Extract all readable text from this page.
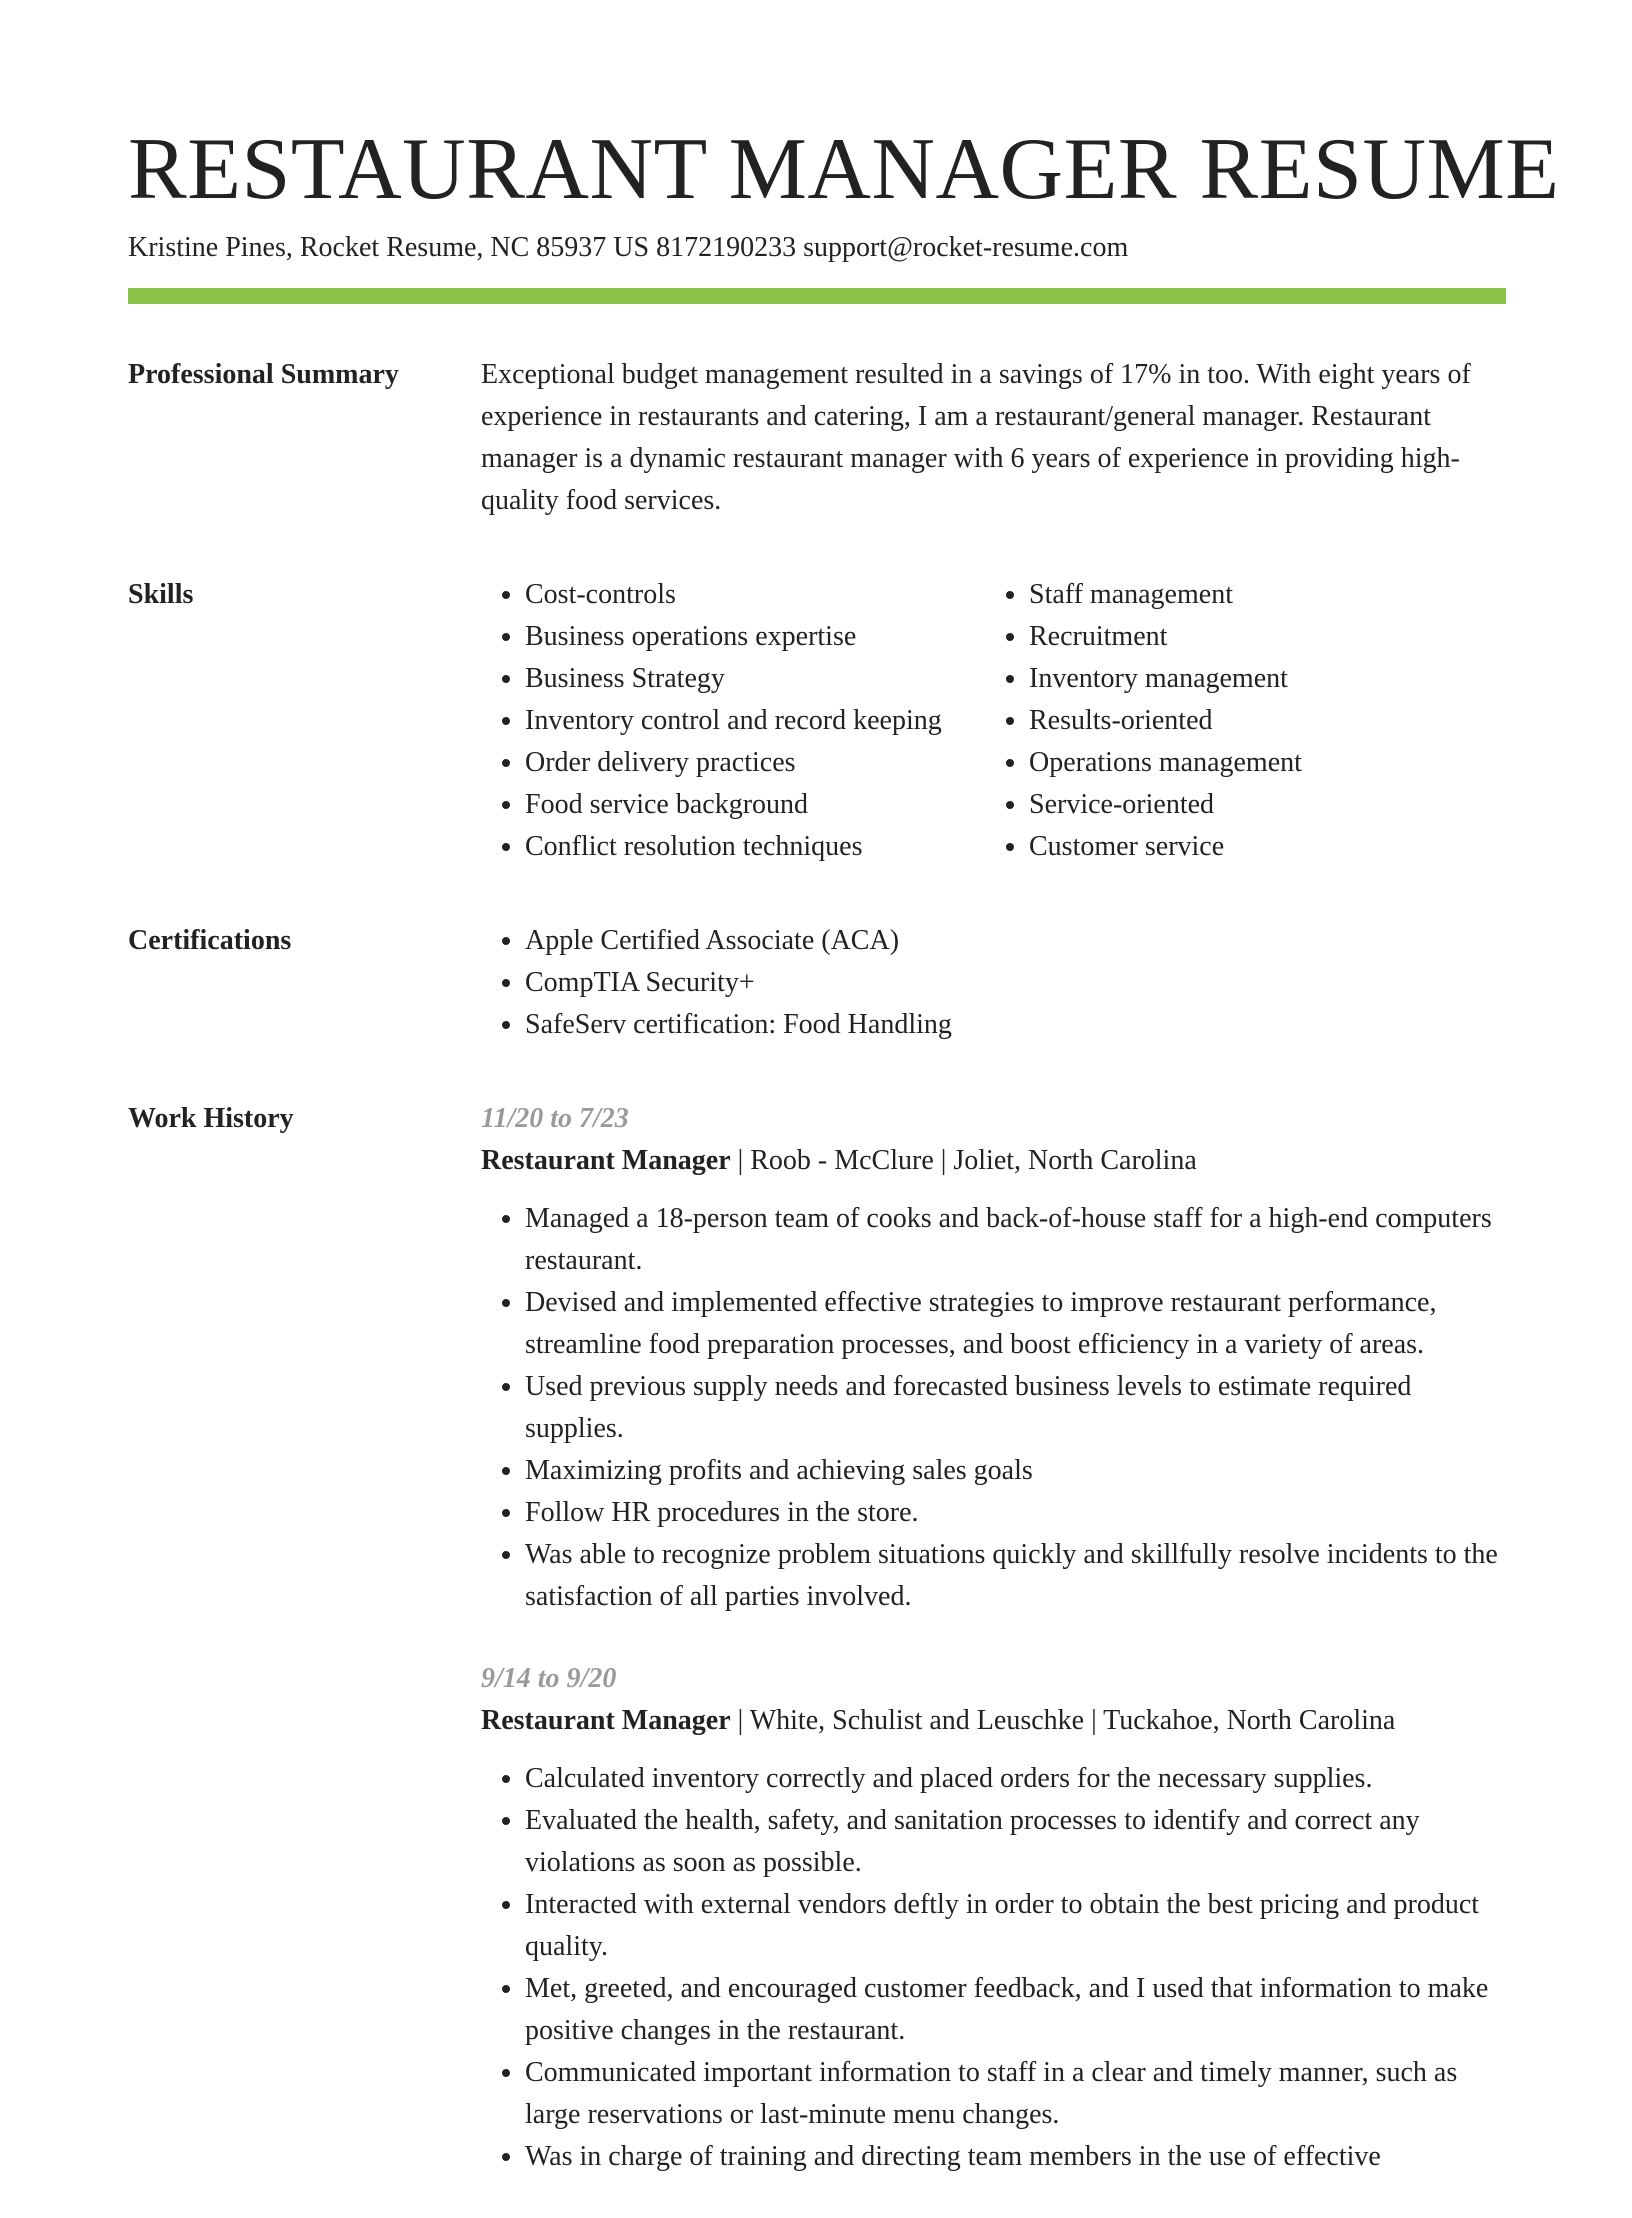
RESTAURANT MANAGER RESUME
Kristine Pines, Rocket Resume, NC 85937 US 8172190233 support@rocket-resume.com
Professional Summary	Exceptional budget management resulted in a savings of 17% in too. With eight years of experience in restaurants and catering, I am a restaurant/general manager. Restaurant manager is a dynamic restaurant manager with 6 years of experience in providing high-quality food services.

Skills	• Cost-controls
• Business operations expertise
• Business Strategy
• Inventory control and record keeping
• Order delivery practices
• Food service background
• Conflict resolution techniques
• Staff management
• Recruitment
• Inventory management
• Results-oriented
• Operations management
• Service-oriented
• Customer service
Certifications	• Apple Certified Associate (ACA)
• CompTIA Security+
• SafeServ certification: Food Handling
Work History	11/20 to 7/23
Restaurant Manager | Roob - McClure | Joliet, North Carolina
• Managed a 18-person team of cooks and back-of-house staff for a high-end computers restaurant.
• Devised and implemented effective strategies to improve restaurant performance, streamline food preparation processes, and boost efficiency in a variety of areas.
• Used previous supply needs and forecasted business levels to estimate required supplies.
• Maximizing profits and achieving sales goals
• Follow HR procedures in the store.
• Was able to recognize problem situations quickly and skillfully resolve incidents to the satisfaction of all parties involved.
9/14 to 9/20
Restaurant Manager | White, Schulist and Leuschke | Tuckahoe, North Carolina
• Calculated inventory correctly and placed orders for the necessary supplies.
• Evaluated the health, safety, and sanitation processes to identify and correct any violations as soon as possible.
• Interacted with external vendors deftly in order to obtain the best pricing and product quality.
• Met, greeted, and encouraged customer feedback, and I used that information to make positive changes in the restaurant.
• Communicated important information to staff in a clear and timely manner, such as large reservations or last-minute menu changes.
• Was in charge of training and directing team members in the use of effective
